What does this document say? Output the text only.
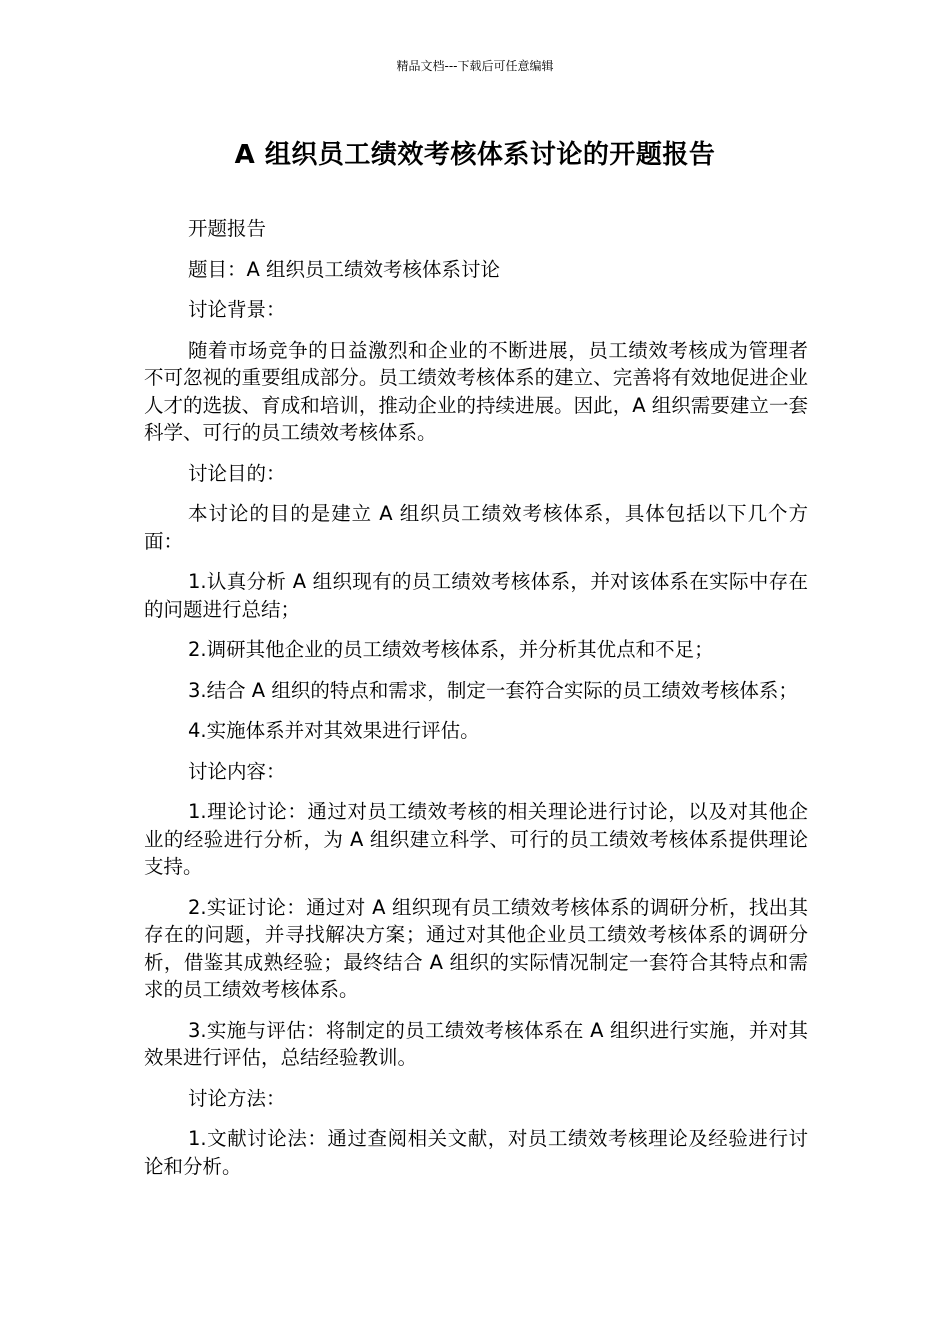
精品文档---下载后可任意编辑
A 组织员工绩效考核体系讨论的开题报告

开题报告

题目：A 组织员工绩效考核体系讨论

讨论背景：

随着市场竞争的日益激烈和企业的不断进展，员工绩效考核成为管理者不可忽视的重要组成部分。员工绩效考核体系的建立、完善将有效地促进企业人才的选拔、育成和培训，推动企业的持续进展。因此，A 组织需要建立一套科学、可行的员工绩效考核体系。

讨论目的：

本讨论的目的是建立 A 组织员工绩效考核体系，具体包括以下几个方面：

1.认真分析 A 组织现有的员工绩效考核体系，并对该体系在实际中存在的问题进行总结；

2.调研其他企业的员工绩效考核体系，并分析其优点和不足；

3.结合 A 组织的特点和需求，制定一套符合实际的员工绩效考核体系；

4.实施体系并对其效果进行评估。

讨论内容：

1.理论讨论：通过对员工绩效考核的相关理论进行讨论，以及对其他企业的经验进行分析，为 A 组织建立科学、可行的员工绩效考核体系提供理论支持。

2.实证讨论：通过对 A 组织现有员工绩效考核体系的调研分析，找出其存在的问题，并寻找解决方案；通过对其他企业员工绩效考核体系的调研分析，借鉴其成熟经验；最终结合 A 组织的实际情况制定一套符合其特点和需求的员工绩效考核体系。

3.实施与评估：将制定的员工绩效考核体系在 A 组织进行实施，并对其效果进行评估，总结经验教训。

讨论方法：

1.文献讨论法：通过查阅相关文献，对员工绩效考核理论及经验进行讨论和分析。
